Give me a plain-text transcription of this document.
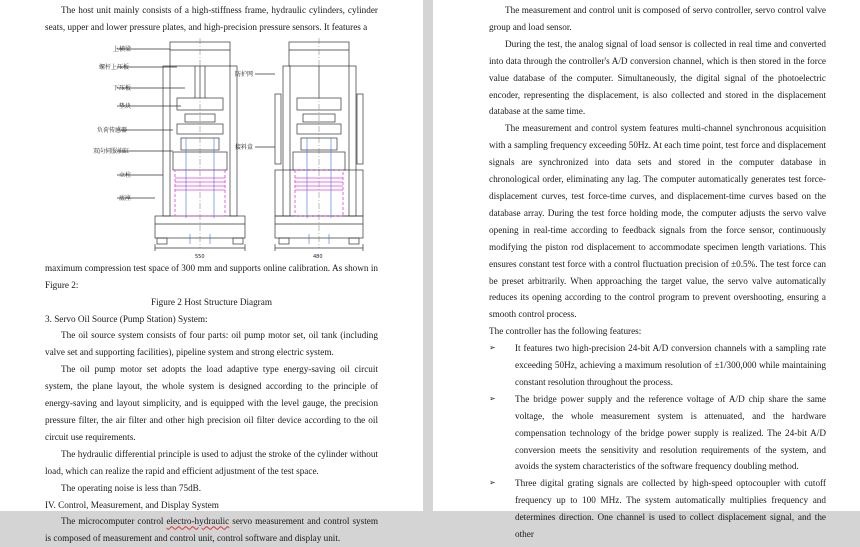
The host unit mainly consists of a high-stiffness frame, hydraulic cylinders, cylinder seats, upper and lower pressure plates, and high-precision pressure sensors. It features a

上横梁
螺杆上压板
下压板
垫块
负荷传感器
双向伺服油缸
立柱
底座
防护网
接料盒
550	480

maximum compression test space of 300 mm and supports online calibration. As shown in Figure 2:

Figure 2 Host Structure Diagram

3. Servo Oil Source (Pump Station) System:

The oil source system consists of four parts: oil pump motor set, oil tank (including valve set and supporting facilities), pipeline system and strong electric system.

The oil pump motor set adopts the load adaptive type energy-saving oil circuit system, the plane layout, the whole system is designed according to the principle of energy-saving and layout simplicity, and is equipped with the level gauge, the precision pressure filter, the air filter and other high precision oil filter device according to the oil circuit use requirements.

The hydraulic differential principle is used to adjust the stroke of the cylinder without load, which can realize the rapid and efficient adjustment of the test space.

The operating noise is less than 75dB.

IV. Control, Measurement, and Display System

The microcomputer control electro-hydraulic servo measurement and control system is composed of measurement and control unit, control software and display unit.

The measurement and control unit is composed of servo controller, servo control valve group and load sensor.

During the test, the analog signal of load sensor is collected in real time and converted into data through the controller's A/D conversion channel, which is then stored in the force value database of the computer. Simultaneously, the digital signal of the photoelectric encoder, representing the displacement, is also collected and stored in the displacement database at the same time.

The measurement and control system features multi-channel synchronous acquisition with a sampling frequency exceeding 50Hz. At each time point, test force and displacement signals are synchronized into data sets and stored in the computer database in chronological order, eliminating any lag. The computer automatically generates test force-displacement curves, test force-time curves, and displacement-time curves based on the database array. During the test force holding mode, the computer adjusts the servo valve opening in real-time according to feedback signals from the force sensor, continuously modifying the piston rod displacement to accommodate specimen length variations. This ensures constant test force with a control fluctuation precision of ±0.5%. The test force can be preset arbitrarily. When approaching the target value, the servo valve automatically reduces its opening according to the control program to prevent overshooting, ensuring a smooth control process.

The controller has the following features:

➢	It features two high-precision 24-bit A/D conversion channels with a sampling rate exceeding 50Hz, achieving a maximum resolution of ±1/300,000 while maintaining constant resolution throughout the process.
➢	The bridge power supply and the reference voltage of A/D chip share the same voltage, the whole measurement system is attenuated, and the hardware compensation technology of the bridge power supply is realized. The 24-bit A/D conversion meets the sensitivity and resolution requirements of the system, and avoids the system characteristics of the software frequency doubling method.
➢	Three digital grating signals are collected by high-speed optocoupler with cutoff frequency up to 100 MHz. The system automatically multiplies frequency and determines direction. One channel is used to collect displacement signal, and the other
